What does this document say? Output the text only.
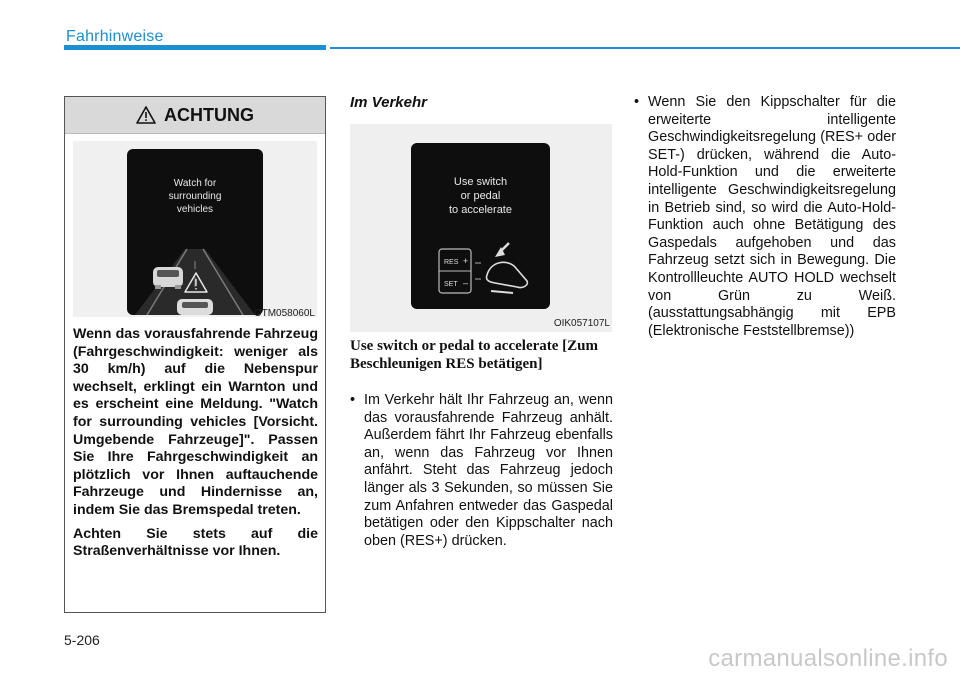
Fahrhinweise
ACHTUNG
Watch for
surrounding
vehicles
OTM058060L

Wenn das vorausfahrende Fahrzeug (Fahrgeschwindigkeit: weniger als 30 km/h) auf die Nebenspur wechselt, erklingt ein Warnton und es erscheint eine Meldung. "Watch for surrounding vehicles [Vorsicht. Umgebende Fahrzeuge]". Passen Sie Ihre Fahrgeschwindigkeit an plötzlich vor Ihnen auftauchende Fahrzeuge und Hindernisse an, indem Sie das Bremspedal treten.

Achten Sie stets auf die Straßenverhältnisse vor Ihnen.

Im Verkehr
Use switch
or pedal
to accelerate
RES +
SET –
OIK057107L
Use switch or pedal to accelerate [Zum Beschleunigen RES betätigen]
• Im Verkehr hält Ihr Fahrzeug an, wenn das vorausfahrende Fahrzeug anhält. Außerdem fährt Ihr Fahrzeug ebenfalls an, wenn das Fahrzeug vor Ihnen anfährt. Steht das Fahrzeug jedoch länger als 3 Sekunden, so müssen Sie zum Anfahren entweder das Gaspedal betätigen oder den Kippschalter nach oben (RES+) drücken.
• Wenn Sie den Kippschalter für die erweiterte intelligente Geschwindigkeitsregelung (RES+ oder SET-) drücken, während die Auto-Hold-Funktion und die erweiterte intelligente Geschwindigkeitsregelung in Betrieb sind, so wird die Auto-Hold-Funktion auch ohne Betätigung des Gaspedals aufgehoben und das Fahrzeug setzt sich in Bewegung. Die Kontrollleuchte AUTO HOLD wechselt von Grün zu Weiß. (ausstattungsabhängig mit EPB (Elektronische Feststellbremse))
5-206
carmanualsonline.info
